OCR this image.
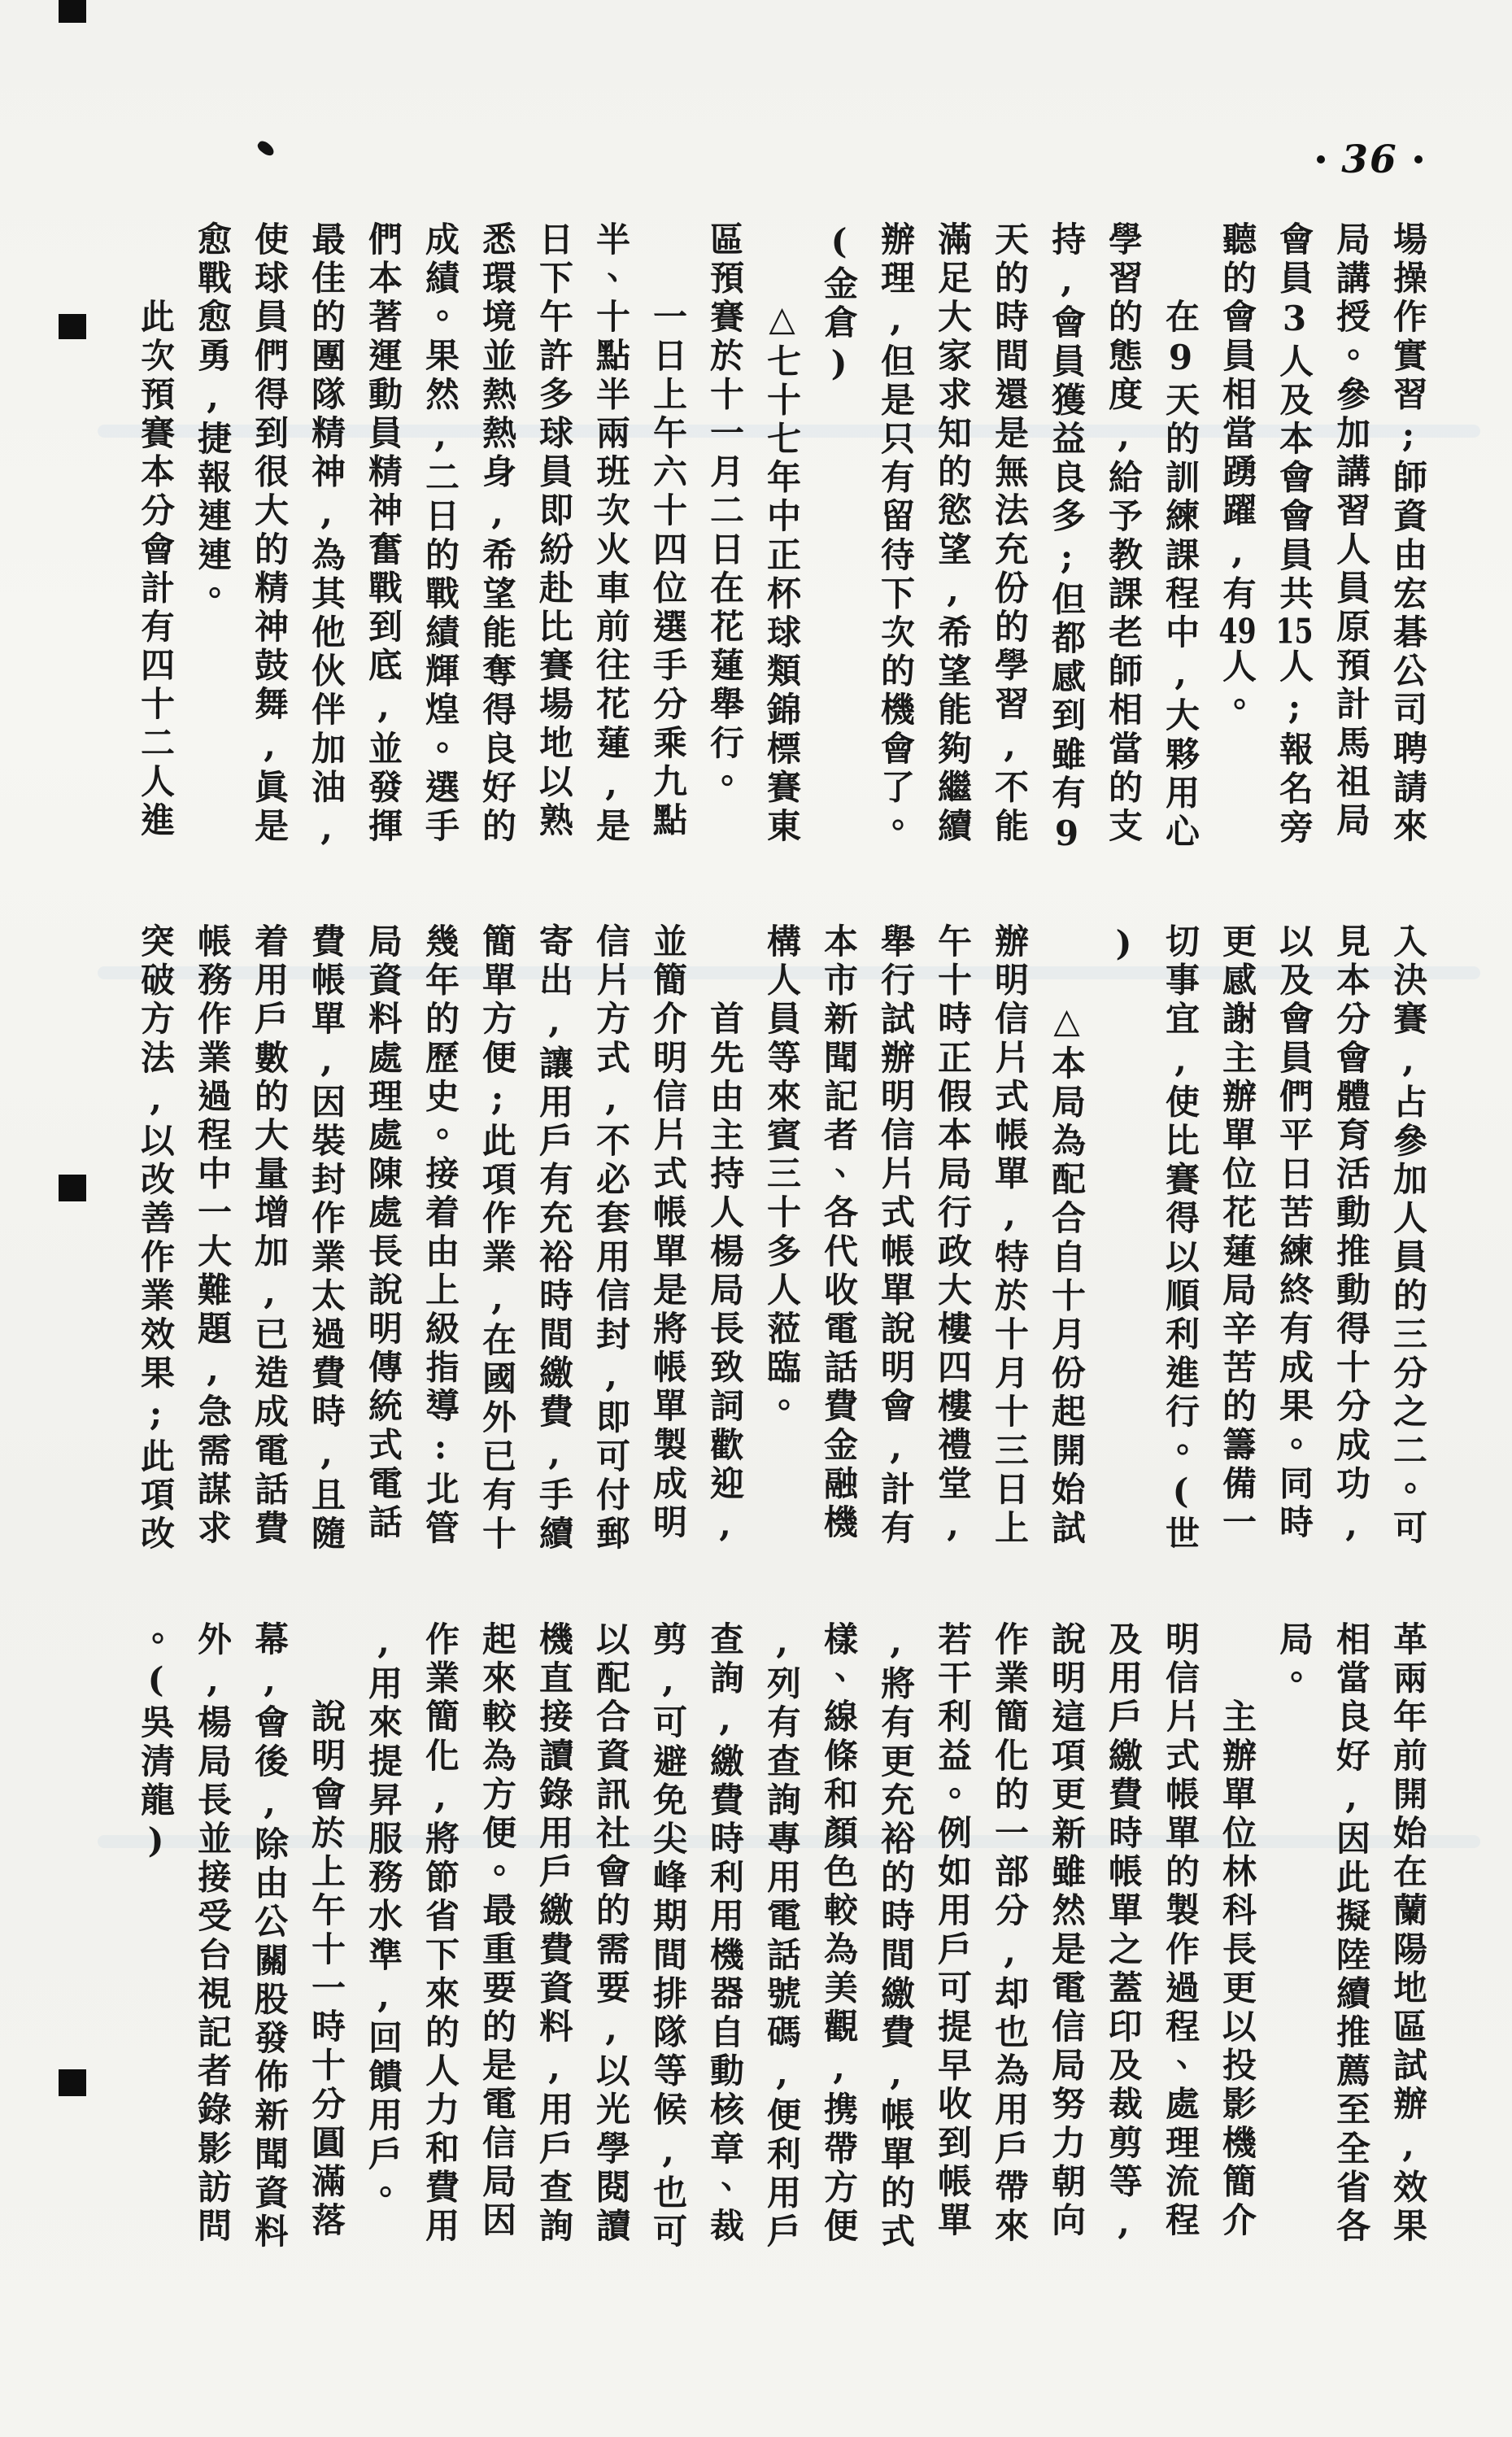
36
場操作實習;師資由宏碁公司聘請來
局講授。參加講習人員原預計馬祖局
會員3人及本會會員共15人;報名旁
聽的會員相當踴躍,有49人。
　　在9天的訓練課程中,大夥用心
學習的態度,給予教課老師相當的支
持,會員獲益良多;但都感到雖有9
天的時間還是無法充份的學習,不能
滿足大家求知的慾望,希望能夠繼續
辦理,但是只有留待下次的機會了。
(金倉)
　　△七十七年中正杯球類錦標賽東
區預賽於十一月二日在花蓮舉行。
　　一日上午六十四位選手分乘九點
半、十點半兩班次火車前往花蓮,是
日下午許多球員即紛赴比賽場地以熟
悉環境並熱熱身,希望能奪得良好的
成績。果然,二日的戰績輝煌。選手
們本著運動員精神奮戰到底,並發揮
最佳的團隊精神,為其他伙伴加油,
使球員們得到很大的精神鼓舞,眞是
愈戰愈勇,捷報連連。
　　此次預賽本分會計有四十二人進
入決賽,占參加人員的三分之二。可
見本分會體育活動推動得十分成功,
以及會員們平日苦練終有成果。同時
更感謝主辦單位花蓮局辛苦的籌備一
切事宜,使比賽得以順利進行。(世
)
　　△本局為配合自十月份起開始試
辦明信片式帳單,特於十月十三日上
午十時正假本局行政大樓四樓禮堂,
舉行試辦明信片式帳單說明會,計有
本市新聞記者、各代收電話費金融機
構人員等來賓三十多人蒞臨。
　　首先由主持人楊局長致詞歡迎,
並簡介明信片式帳單是將帳單製成明
信片方式,不必套用信封,即可付郵
寄出,讓用戶有充裕時間繳費,手續
簡單方便;此項作業,在國外已有十
幾年的歷史。接着由上級指導:北管
局資料處理處陳處長說明傳統式電話
費帳單,因裝封作業太過費時,且隨
着用戶數的大量增加,已造成電話費
帳務作業過程中一大難題,急需謀求
突破方法,以改善作業效果;此項改
革兩年前開始在蘭陽地區試辦,效果
相當良好,因此擬陸續推薦至全省各
局。
　　主辦單位林科長更以投影機簡介
明信片式帳單的製作過程、處理流程
及用戶繳費時帳單之蓋印及裁剪等,
說明這項更新雖然是電信局努力朝向
作業簡化的一部分,却也為用戶帶來
若干利益。例如用戶可提早收到帳單
,將有更充裕的時間繳費,帳單的式
樣、線條和顏色較為美觀,携帶方便
,列有查詢專用電話號碼,便利用戶
查詢,繳費時利用機器自動核章、裁
剪,可避免尖峰期間排隊等候,也可
以配合資訊社會的需要,以光學閱讀
機直接讀錄用戶繳費資料,用戶查詢
起來較為方便。最重要的是電信局因
作業簡化,將節省下來的人力和費用
,用來提昇服務水準,回饋用戶。
　　說明會於上午十一時十分圓滿落
幕,會後,除由公關股發佈新聞資料
外,楊局長並接受台視記者錄影訪問
。(吳清龍)
